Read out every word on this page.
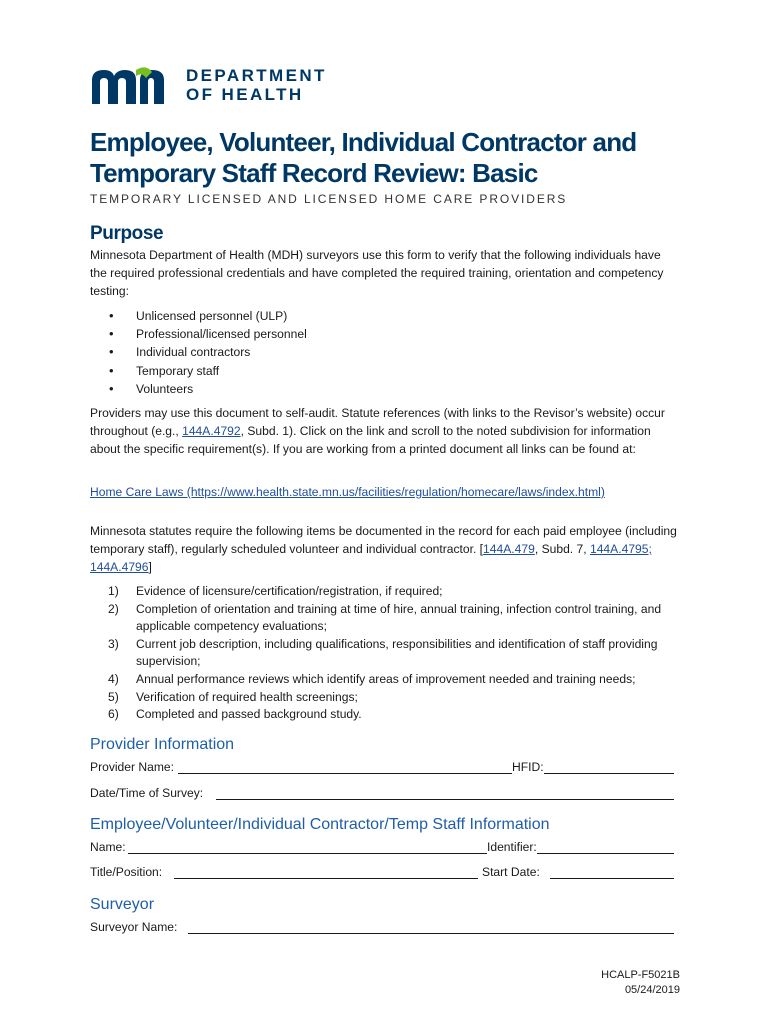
DEPARTMENT
OF HEALTH
Employee, Volunteer, Individual Contractor and Temporary Staff Record Review: Basic
TEMPORARY LICENSED AND LICENSED HOME CARE PROVIDERS
Purpose

Minnesota Department of Health (MDH) surveyors use this form to verify that the following individuals have the required professional credentials and have completed the required training, orientation and competency testing:

• Unlicensed personnel (ULP)
• Professional/licensed personnel
• Individual contractors
• Temporary staff
• Volunteers

Providers may use this document to self-audit. Statute references (with links to the Revisor’s website) occur throughout (e.g., 144A.4792, Subd. 1). Click on the link and scroll to the noted subdivision for information about the specific requirement(s). If you are working from a printed document all links can be found at:

Home Care Laws (https://www.health.state.mn.us/facilities/regulation/homecare/laws/index.html)

Minnesota statutes require the following items be documented in the record for each paid employee (including temporary staff), regularly scheduled volunteer and individual contractor. [144A.479, Subd. 7, 144A.4795; 144A.4796]

1) Evidence of licensure/certification/registration, if required;
2) Completion of orientation and training at time of hire, annual training, infection control training, and applicable competency evaluations;
3) Current job description, including qualifications, responsibilities and identification of staff providing supervision;
4) Annual performance reviews which identify areas of improvement needed and training needs;
5) Verification of required health screenings;
6) Completed and passed background study.
Provider Information
Provider Name:	HFID:
Date/Time of Survey:
Employee/Volunteer/Individual Contractor/Temp Staff Information
Name:	Identifier:
Title/Position:	Start Date:
Surveyor
Surveyor Name:
HCALP-F5021B
05/24/2019
